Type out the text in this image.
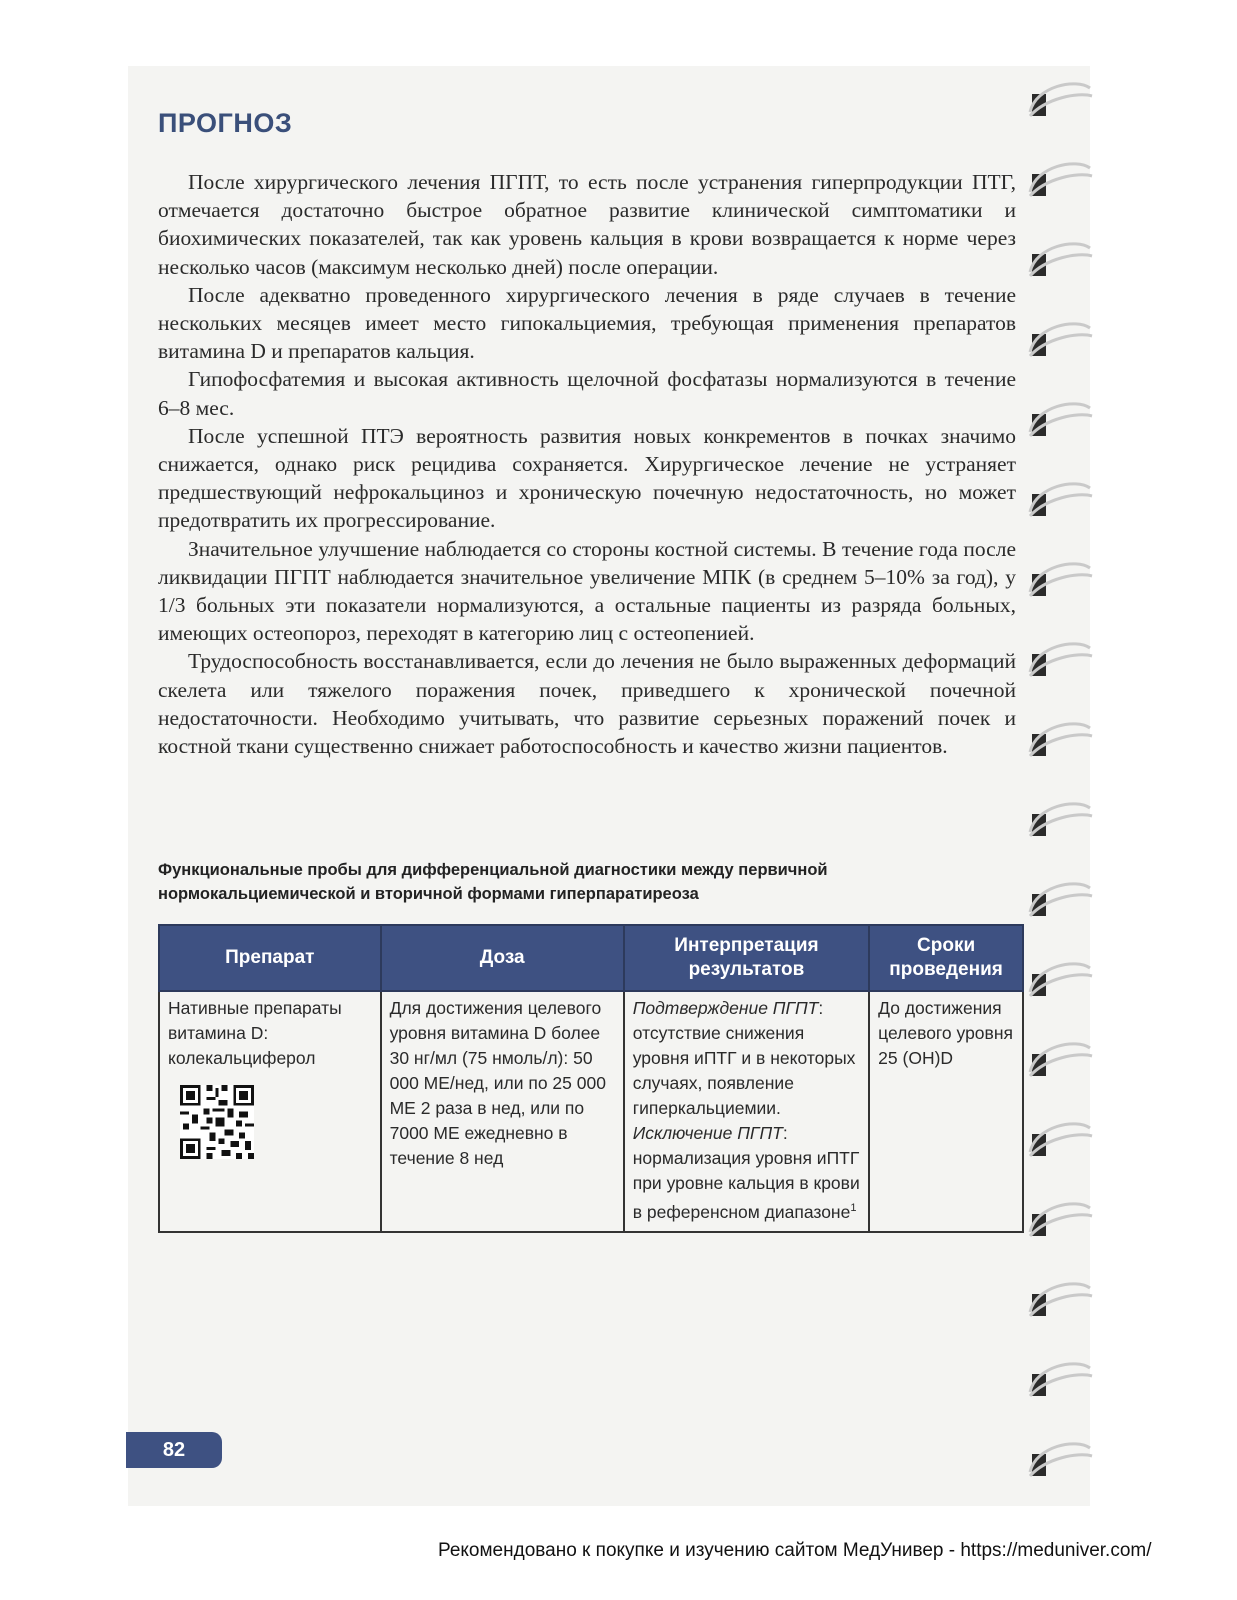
ПРОГНОЗ

После хирургического лечения ПГПТ, то есть после устранения гиперпродукции ПТГ, отмечается достаточно быстрое обратное развитие клинической симптоматики и биохимических показателей, так как уровень кальция в крови возвращается к норме через несколько часов (максимум несколько дней) после операции.

После адекватно проведенного хирургического лечения в ряде случаев в течение нескольких месяцев имеет место гипокальциемия, требующая применения препаратов витамина D и препаратов кальция.

Гипофосфатемия и высокая активность щелочной фосфатазы нормализуются в течение 6–8 мес.

После успешной ПТЭ вероятность развития новых конкрементов в почках значимо снижается, однако риск рецидива сохраняется. Хирургическое лечение не устраняет предшествующий нефрокальциноз и хроническую почечную недостаточность, но может предотвратить их прогрессирование.

Значительное улучшение наблюдается со стороны костной системы. В течение года после ликвидации ПГПТ наблюдается значительное увеличение МПК (в среднем 5–10% за год), у 1/3 больных эти показатели нормализуются, а остальные пациенты из разряда больных, имеющих остеопороз, переходят в категорию лиц с остеопенией.

Трудоспособность восстанавливается, если до лечения не было выраженных деформаций скелета или тяжелого поражения почек, приведшего к хронической почечной недостаточности. Необходимо учитывать, что развитие серьезных поражений почек и костной ткани существенно снижает работоспособность и качество жизни пациентов.

Функциональные пробы для дифференциальной диагностики между первичной нормокальциемической и вторичной формами гиперпаратиреоза
Препарат	Доза	Интерпретация результатов	Сроки проведения
Нативные препараты витамина D: колекальциферол	Для достижения целевого уровня витамина D более 30 нг/мл (75 нмоль/л): 50 000 МЕ/нед, или по 25 000 МЕ 2 раза в нед, или по 7000 МЕ ежедневно в течение 8 нед	Подтверждение ПГПТ: отсутствие снижения уровня иПТГ и в некоторых случаях, появление гиперкальциемии. Исключение ПГПТ: нормализация уровня иПТГ при уровне кальция в крови в референсном диапазоне$^1$	До достижения целевого уровня 25 (OH)D
82
Рекомендовано к покупке и изучению сайтом МедУнивер - https://meduniver.com/
